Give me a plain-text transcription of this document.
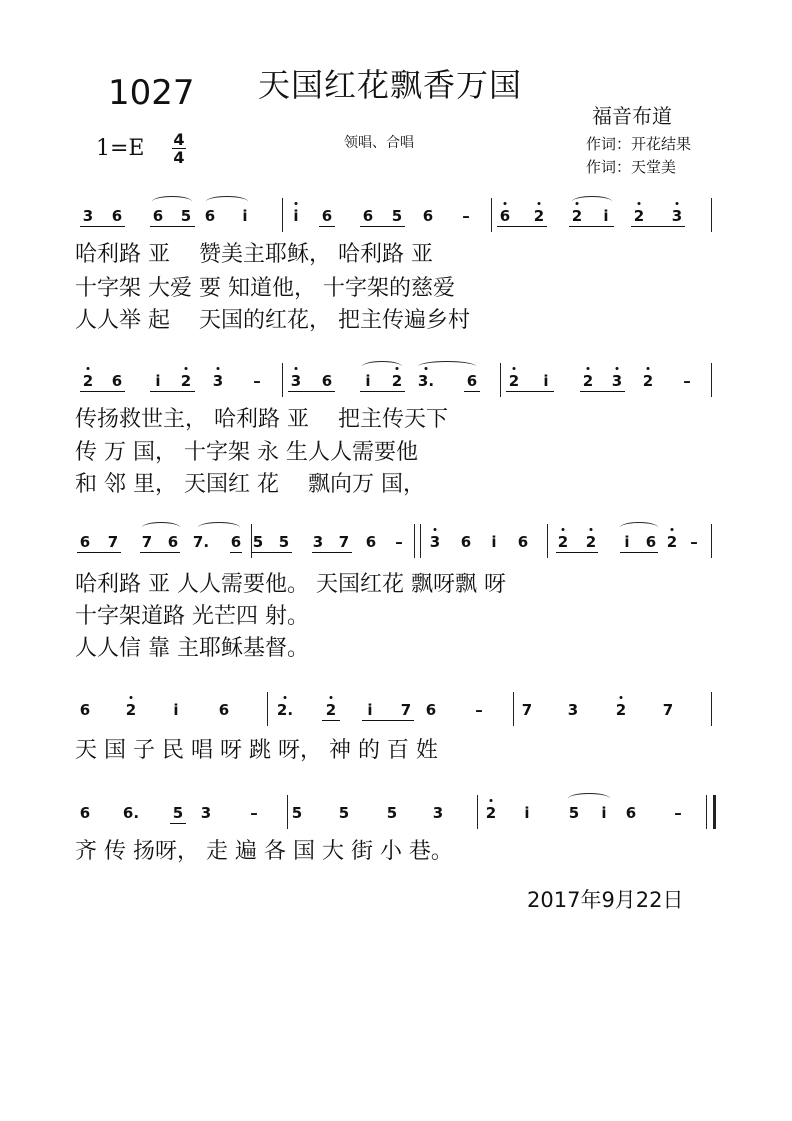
1027 天国红花飘香万国
福音布道
1=E	4
4
领唱、合唱	作词：开花结果
作词：天堂美
3 6 6 5 6 i	i 6 6 5 6 – 6 2 2 i 2 3
2 6 i 2 3 – 3 6 i 2 3. 6 2 i 2 3 2 –
6 7 7 6 7. 6 5 5 3 7 6 – 3 6 i 6 2 2 i 6 2 –
6 2 i	6	2. 2 i 7 6	–	7 3	2 7
6 6. 5 3	– 5 5	5 3	2 i	5 i 6	–
哈利路 亚　 赞美主耶稣， 哈利路 亚
十字架 大爱 要 知道他， 十字架的慈爱
人人举 起　 天国的红花， 把主传遍乡村
传扬救世主， 哈利路 亚　 把主传天下
传 万 国， 十字架 永 生人人需要他
和 邻 里， 天国红 花　 飘向万 国，
哈利路 亚 人人需要他。 天国红花 飘呀飘 呀
十字架道路 光芒四 射。
人人信 靠 主耶稣基督。
天 国 子 民 唱 呀 跳 呀， 神 的 百 姓
齐 传 扬呀， 走 遍 各 国 大 街 小 巷。
2017年9月22日
